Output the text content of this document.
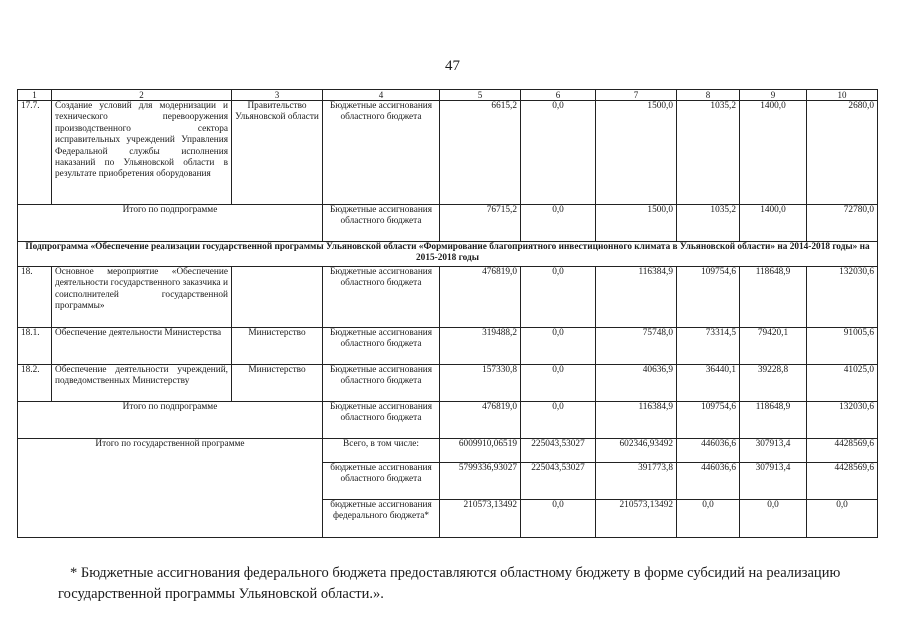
47
1	2	3	4	5	6	7	8	9	10
17.7.	Создание условий для модернизации и технического перевооружения производственного сектора исправительных учреждений Управления Федеральной службы исполнения наказаний по Ульяновской области в результате приобретения оборудования	Правительство Ульяновской области	Бюджетные ассигнования областного бюджета	6615,2	0,0	1500,0	1035,2	1400,0	2680,0
Итого по подпрограмме			Бюджетные ассигнования областного бюджета	76715,2	0,0	1500,0	1035,2	1400,0	72780,0
Подпрограмма «Обеспечение реализации государственной программы Ульяновской области «Формирование благоприятного инвестиционного климата в Ульяновской области» на 2014-2018 годы» на 2015-2018 годы									
18.	Основное мероприятие «Обеспечение деятельности государственного заказчика и соисполнителей государственной программы»		Бюджетные ассигнования областного бюджета	476819,0	0,0	116384,9	109754,6	118648,9	132030,6
18.1.	Обеспечение деятельности Министерства	Министерство	Бюджетные ассигнования областного бюджета	319488,2	0,0	75748,0	73314,5	79420,1	91005,6
18.2.	Обеспечение деятельности учреждений, подведомственных Министерству	Министерство	Бюджетные ассигнования областного бюджета	157330,8	0,0	40636,9	36440,1	39228,8	41025,0
Итого по подпрограмме			Бюджетные ассигнования областного бюджета	476819,0	0,0	116384,9	109754,6	118648,9	132030,6
Итого по государственной программе			Всего, в том числе:	6009910,06519	225043,53027	602346,93492	446036,6	307913,4	4428569,6
			бюджетные ассигнования областного бюджета	5799336,93027	225043,53027	391773,8	446036,6	307913,4	4428569,6
			бюджетные ассигнования федерального бюджета*	210573,13492	0,0	210573,13492	0,0	0,0	0,0
* Бюджетные ассигнования федерального бюджета предоставляются областному бюджету в форме субсидий на реализацию государственной программы Ульяновской области.».
